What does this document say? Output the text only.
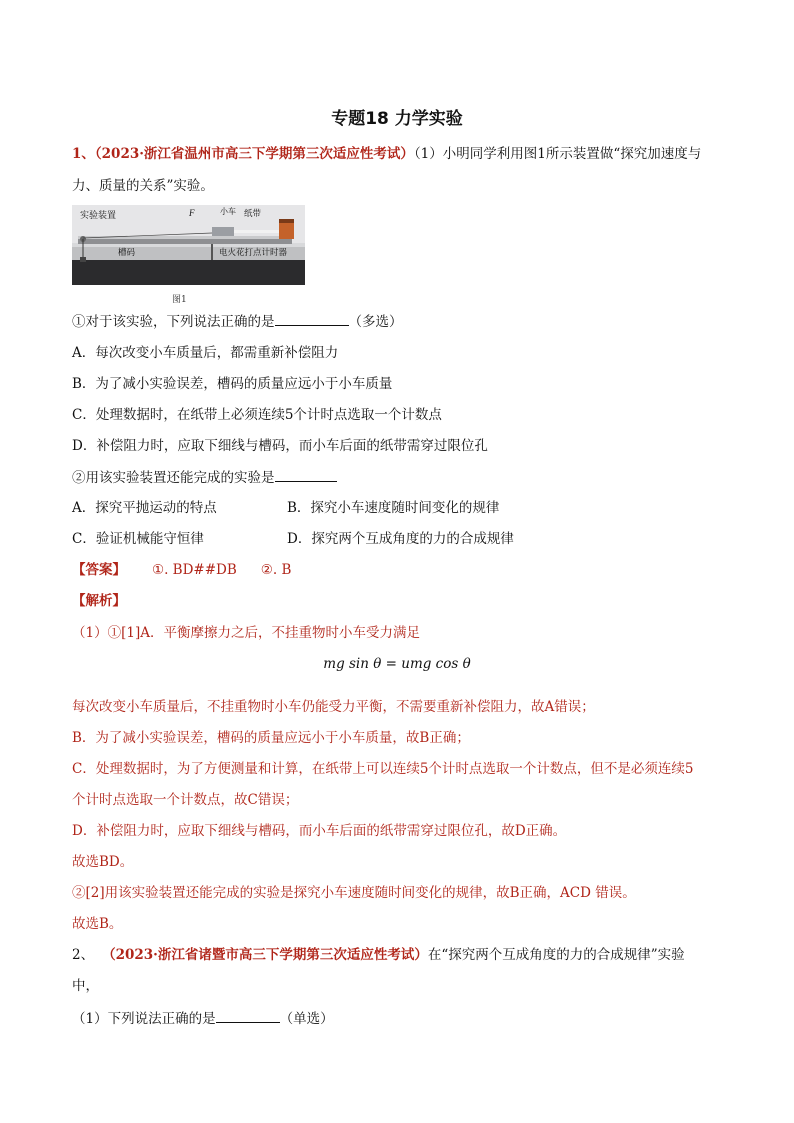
专题18 力学实验
1、（2023·浙江省温州市高三下学期第三次适应性考试）（1）小明同学利用图1所示装置做“探究加速度与
力、质量的关系”实验。
实验装置	F	小车 纸带
槽码	电火花打点计时器
图1
①对于该实验，下列说法正确的是	（多选）
A．每次改变小车质量后，都需重新补偿阻力
B．为了减小实验误差，槽码的质量应远小于小车质量
C．处理数据时，在纸带上必须连续5个计时点选取一个计数点
D．补偿阻力时，应取下细线与槽码，而小车后面的纸带需穿过限位孔
②用该实验装置还能完成的实验是
A．探究平抛运动的特点	B．探究小车速度随时间变化的规律
C．验证机械能守恒律	D．探究两个互成角度的力的合成规律
【答案】 ①. BD##DB ②. B
【解析】
（1）①[1]A．平衡摩擦力之后，不挂重物时小车受力满足
mg sin θ = umg cos θ
每次改变小车质量后，不挂重物时小车仍能受力平衡，不需要重新补偿阻力，故A错误；
B．为了减小实验误差，槽码的质量应远小于小车质量，故B正确；
C．处理数据时，为了方便测量和计算，在纸带上可以连续5个计时点选取一个计数点，但不是必须连续5
个计时点选取一个计数点，故C错误；
D．补偿阻力时，应取下细线与槽码，而小车后面的纸带需穿过限位孔，故D正确。
故选BD。
②[2]用该实验装置还能完成的实验是探究小车速度随时间变化的规律，故B正确，ACD 错误。
故选B。
2、 （2023·浙江省诸暨市高三下学期第三次适应性考试）在“探究两个互成角度的力的合成规律”实验
中，
（1）下列说法正确的是	（单选）
